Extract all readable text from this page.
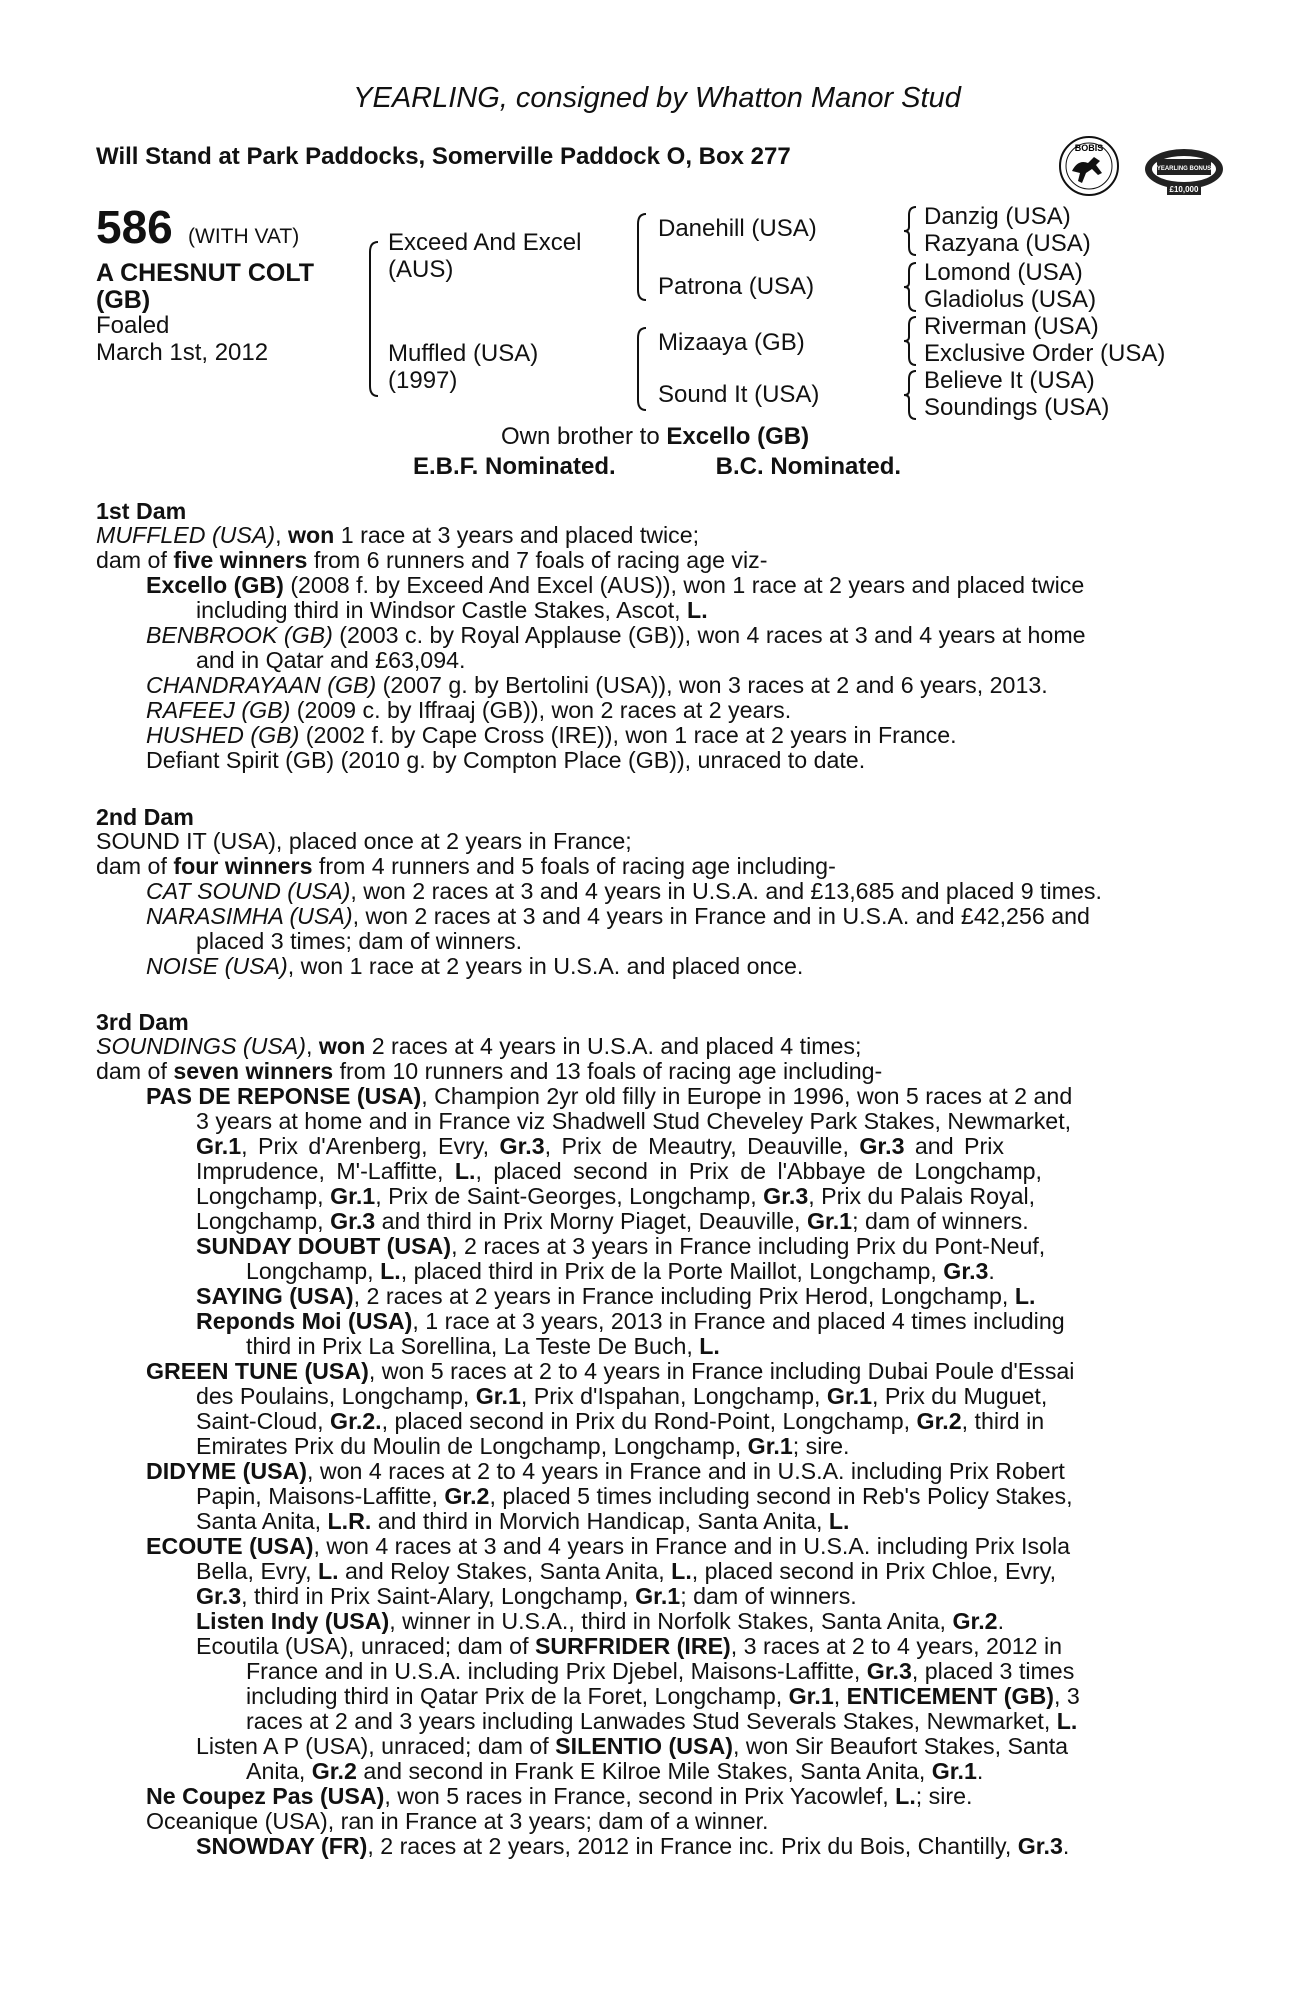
YEARLING, consigned by Whatton Manor Stud
Will Stand at Park Paddocks, Somerville Paddock O, Box 277	BOBIS
YEARLING BONUS
£10,000
586 (WITH VAT)
A CHESNUT COLT
(GB)
Foaled
March 1st, 2012
Exceed And Excel
(AUS)
Muffled (USA)
(1997)
Danehill (USA)
Patrona (USA)
Mizaaya (GB)
Sound It (USA)
Danzig (USA)
Razyana (USA)
Lomond (USA)
Gladiolus (USA)
Riverman (USA)
Exclusive Order (USA)
Believe It (USA)
Soundings (USA)
Own brother to Excello (GB)
E.B.F. Nominated.	B.C. Nominated.
1st Dam
MUFFLED (USA), won 1 race at 3 years and placed twice;
dam of five winners from 6 runners and 7 foals of racing age viz-
Excello (GB) (2008 f. by Exceed And Excel (AUS)), won 1 race at 2 years and placed twice
including third in Windsor Castle Stakes, Ascot, L.
BENBROOK (GB) (2003 c. by Royal Applause (GB)), won 4 races at 3 and 4 years at home
and in Qatar and £63,094.
CHANDRAYAAN (GB) (2007 g. by Bertolini (USA)), won 3 races at 2 and 6 years, 2013.
RAFEEJ (GB) (2009 c. by Iffraaj (GB)), won 2 races at 2 years.
HUSHED (GB) (2002 f. by Cape Cross (IRE)), won 1 race at 2 years in France.
Defiant Spirit (GB) (2010 g. by Compton Place (GB)), unraced to date.
2nd Dam
SOUND IT (USA), placed once at 2 years in France;
dam of four winners from 4 runners and 5 foals of racing age including-
CAT SOUND (USA), won 2 races at 3 and 4 years in U.S.A. and £13,685 and placed 9 times.
NARASIMHA (USA), won 2 races at 3 and 4 years in France and in U.S.A. and £42,256 and
placed 3 times; dam of winners.
NOISE (USA), won 1 race at 2 years in U.S.A. and placed once.
3rd Dam
SOUNDINGS (USA), won 2 races at 4 years in U.S.A. and placed 4 times;
dam of seven winners from 10 runners and 13 foals of racing age including-
PAS DE REPONSE (USA), Champion 2yr old filly in Europe in 1996, won 5 races at 2 and
3 years at home and in France viz Shadwell Stud Cheveley Park Stakes, Newmarket,
Gr.1, Prix d'Arenberg, Evry, Gr.3, Prix de Meautry, Deauville, Gr.3 and Prix
Imprudence, M'-Laffitte, L., placed second in Prix de l'Abbaye de Longchamp,
Longchamp, Gr.1, Prix de Saint-Georges, Longchamp, Gr.3, Prix du Palais Royal,
Longchamp, Gr.3 and third in Prix Morny Piaget, Deauville, Gr.1; dam of winners.
SUNDAY DOUBT (USA), 2 races at 3 years in France including Prix du Pont-Neuf,
Longchamp, L., placed third in Prix de la Porte Maillot, Longchamp, Gr.3.
SAYING (USA), 2 races at 2 years in France including Prix Herod, Longchamp, L.
Reponds Moi (USA), 1 race at 3 years, 2013 in France and placed 4 times including
third in Prix La Sorellina, La Teste De Buch, L.
GREEN TUNE (USA), won 5 races at 2 to 4 years in France including Dubai Poule d'Essai
des Poulains, Longchamp, Gr.1, Prix d'Ispahan, Longchamp, Gr.1, Prix du Muguet,
Saint-Cloud, Gr.2., placed second in Prix du Rond-Point, Longchamp, Gr.2, third in
Emirates Prix du Moulin de Longchamp, Longchamp, Gr.1; sire.
DIDYME (USA), won 4 races at 2 to 4 years in France and in U.S.A. including Prix Robert
Papin, Maisons-Laffitte, Gr.2, placed 5 times including second in Reb's Policy Stakes,
Santa Anita, L.R. and third in Morvich Handicap, Santa Anita, L.
ECOUTE (USA), won 4 races at 3 and 4 years in France and in U.S.A. including Prix Isola
Bella, Evry, L. and Reloy Stakes, Santa Anita, L., placed second in Prix Chloe, Evry,
Gr.3, third in Prix Saint-Alary, Longchamp, Gr.1; dam of winners.
Listen Indy (USA), winner in U.S.A., third in Norfolk Stakes, Santa Anita, Gr.2.
Ecoutila (USA), unraced; dam of SURFRIDER (IRE), 3 races at 2 to 4 years, 2012 in
France and in U.S.A. including Prix Djebel, Maisons-Laffitte, Gr.3, placed 3 times
including third in Qatar Prix de la Foret, Longchamp, Gr.1, ENTICEMENT (GB), 3
races at 2 and 3 years including Lanwades Stud Severals Stakes, Newmarket, L.
Listen A P (USA), unraced; dam of SILENTIO (USA), won Sir Beaufort Stakes, Santa
Anita, Gr.2 and second in Frank E Kilroe Mile Stakes, Santa Anita, Gr.1.
Ne Coupez Pas (USA), won 5 races in France, second in Prix Yacowlef, L.; sire.
Oceanique (USA), ran in France at 3 years; dam of a winner.
SNOWDAY (FR), 2 races at 2 years, 2012 in France inc. Prix du Bois, Chantilly, Gr.3.
